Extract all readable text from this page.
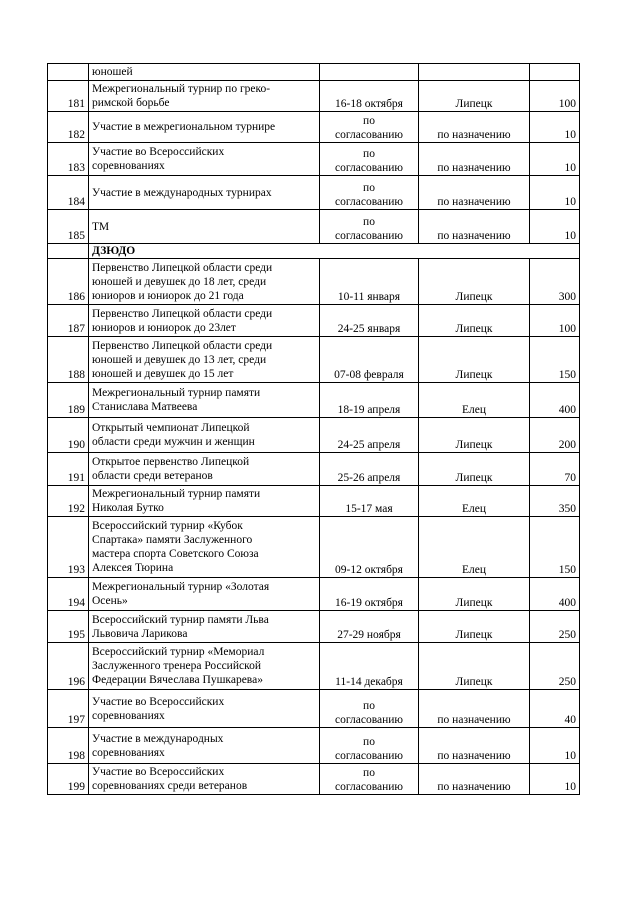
	юношей			

181	Межрегиональный турнир по греко-
римской борьбе	16-18 октября	Липецк	100

182	Участие в межрегиональном турнире	по
согласованию	по назначению	10

183	Участие во Всероссийских
соревнованиях	по
согласованию	по назначению	10

184	Участие в международных турнирах	по
согласованию	по назначению	10

185	ТМ	по
согласованию	по назначению	10

	ДЗЮДО			

186	Первенство Липецкой области среди
юношей и девушек до 18 лет, среди
юниоров и юниорок до 21 года	10-11 января	Липецк	300

187	Первенство Липецкой области среди
юниоров и юниорок до 23лет	24-25 января	Липецк	100

188	Первенство Липецкой области среди
юношей и девушек до 13 лет, среди
юношей и девушек до 15 лет	07-08 февраля	Липецк	150

189	Межрегиональный турнир памяти
Станислава Матвеева	18-19 апреля	Елец	400

190	Открытый чемпионат Липецкой
области среди мужчин и женщин	24-25 апреля	Липецк	200

191	Открытое первенство Липецкой
области среди ветеранов	25-26 апреля	Липецк	70

192	Межрегиональный турнир памяти
Николая Бутко	15-17 мая	Елец	350

193	Всероссийский турнир «Кубок
Спартака» памяти Заслуженного
мастера спорта Советского Союза
Алексея Тюрина	09-12 октября	Елец	150

194	Межрегиональный турнир «Золотая
Осень»	16-19 октября	Липецк	400

195	Всероссийский турнир памяти Льва
Львовича Ларикова	27-29 ноября	Липецк	250

196	Всероссийский турнир «Мемориал
Заслуженного тренера Российской
Федерации Вячеслава Пушкарева»	11-14 декабря	Липецк	250

197	Участие во Всероссийских
соревнованиях	по
согласованию	по назначению	40

198	Участие в международных
соревнованиях	по
согласованию	по назначению	10

199	Участие во Всероссийских
соревнованиях среди ветеранов	по
согласованию	по назначению	10
